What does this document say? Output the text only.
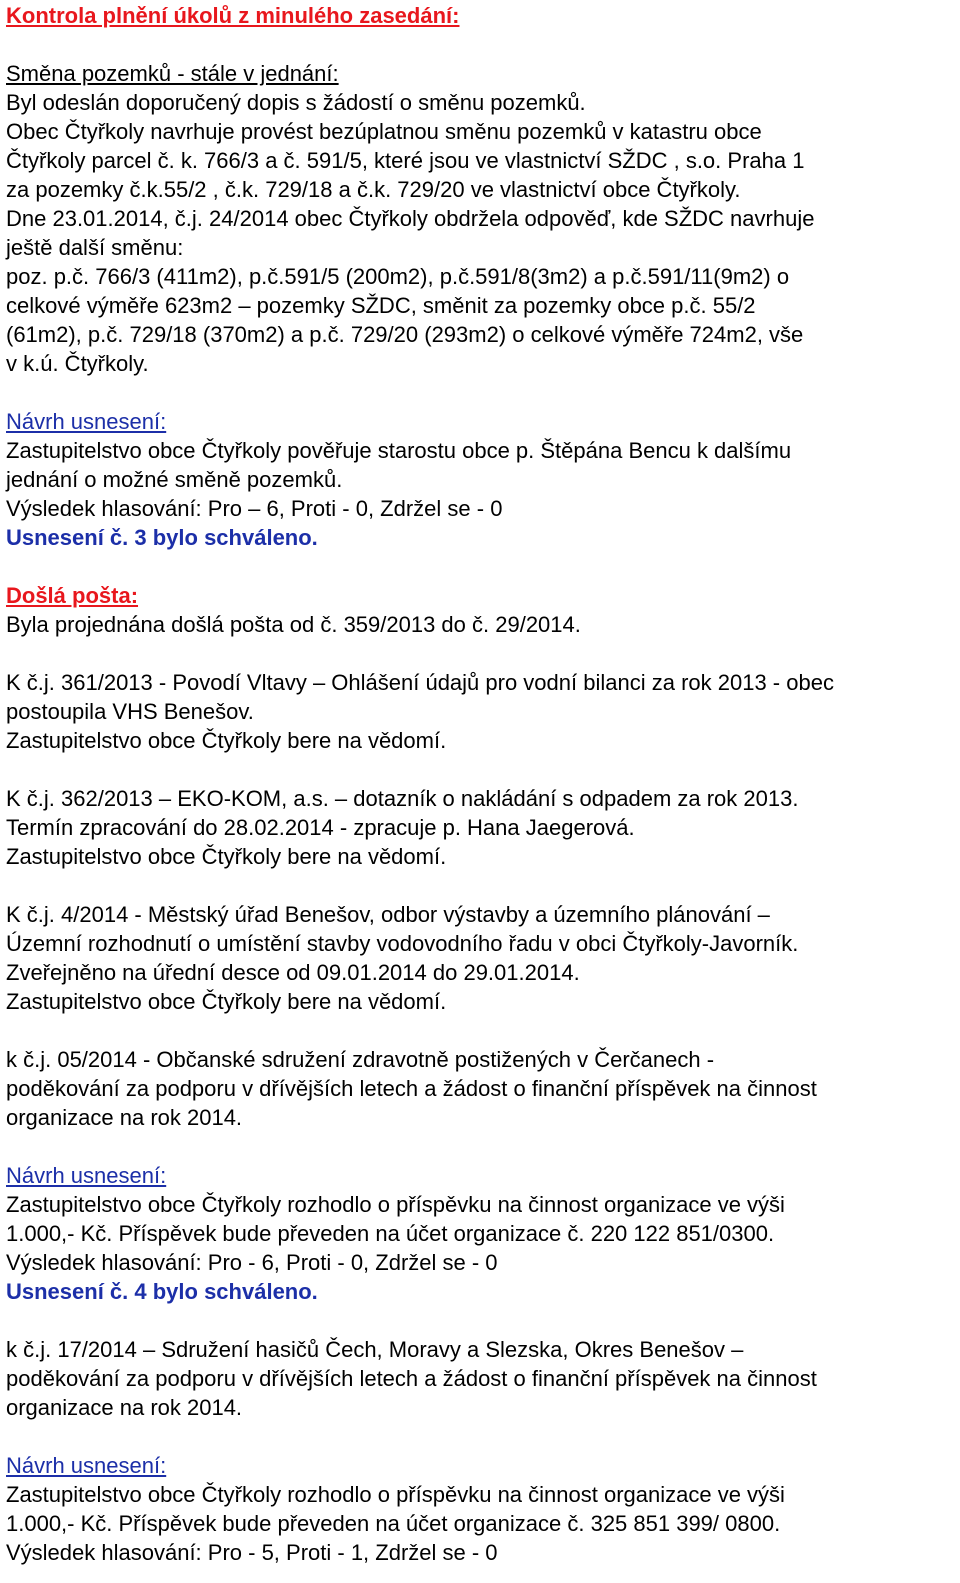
Kontrola plnění úkolů z minulého zasedání:
Směna pozemků - stále v jednání:
Byl odeslán doporučený dopis s žádostí o směnu pozemků.
Obec Čtyřkoly navrhuje provést bezúplatnou směnu pozemků v katastru obce
Čtyřkoly parcel č. k. 766/3 a č. 591/5, které jsou ve vlastnictví SŽDC , s.o. Praha 1
za pozemky č.k.55/2 , č.k. 729/18 a č.k. 729/20 ve vlastnictví obce Čtyřkoly.
Dne 23.01.2014, č.j. 24/2014 obec Čtyřkoly obdržela odpověď, kde SŽDC navrhuje
ještě další směnu:
poz. p.č. 766/3 (411m2), p.č.591/5 (200m2), p.č.591/8(3m2) a p.č.591/11(9m2) o
celkové výměře 623m2 – pozemky SŽDC, směnit za pozemky obce p.č. 55/2
(61m2), p.č. 729/18 (370m2) a p.č. 729/20 (293m2) o celkové výměře 724m2, vše
v k.ú. Čtyřkoly.
Návrh usnesení:
Zastupitelstvo obce Čtyřkoly pověřuje starostu obce p. Štěpána Bencu k dalšímu
jednání o možné směně pozemků.
Výsledek hlasování: Pro – 6, Proti - 0, Zdržel se - 0
Usnesení č. 3 bylo schváleno.
Došlá pošta:
Byla projednána došlá pošta od č. 359/2013 do č. 29/2014.
K č.j. 361/2013 - Povodí Vltavy – Ohlášení údajů pro vodní bilanci za rok 2013 - obec
postoupila VHS Benešov.
Zastupitelstvo obce Čtyřkoly bere na vědomí.
K č.j. 362/2013 – EKO-KOM, a.s. – dotazník o nakládání s odpadem za rok 2013.
Termín zpracování do 28.02.2014 - zpracuje p. Hana Jaegerová.
Zastupitelstvo obce Čtyřkoly bere na vědomí.
K č.j. 4/2014 - Městský úřad Benešov, odbor výstavby a územního plánování –
Územní rozhodnutí o umístění stavby vodovodního řadu v obci Čtyřkoly-Javorník.
Zveřejněno na úřední desce od 09.01.2014 do 29.01.2014.
Zastupitelstvo obce Čtyřkoly bere na vědomí.
k č.j. 05/2014 - Občanské sdružení zdravotně postižených v Čerčanech -
poděkování za podporu v dřívějších letech a žádost o finanční příspěvek na činnost
organizace na rok 2014.
Návrh usnesení:
Zastupitelstvo obce Čtyřkoly rozhodlo o příspěvku na činnost organizace ve výši
1.000,- Kč. Příspěvek bude převeden na účet organizace č. 220 122 851/0300.
Výsledek hlasování: Pro - 6, Proti - 0, Zdržel se - 0
Usnesení č. 4 bylo schváleno.
k č.j. 17/2014 – Sdružení hasičů Čech, Moravy a Slezska, Okres Benešov –
poděkování za podporu v dřívějších letech a žádost o finanční příspěvek na činnost
organizace na rok 2014.
Návrh usnesení:
Zastupitelstvo obce Čtyřkoly rozhodlo o příspěvku na činnost organizace ve výši
1.000,- Kč. Příspěvek bude převeden na účet organizace č. 325 851 399/ 0800.
Výsledek hlasování: Pro - 5, Proti - 1, Zdržel se - 0
